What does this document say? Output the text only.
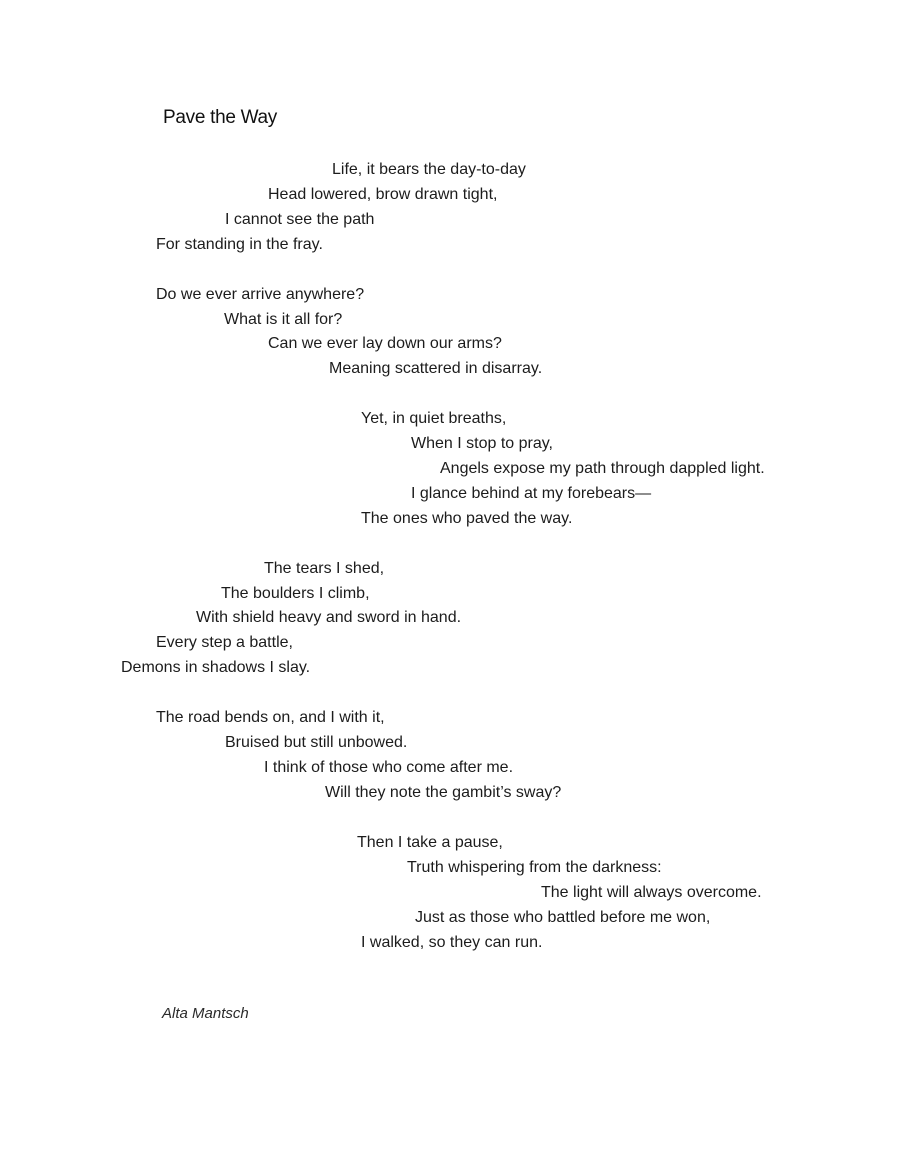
Pave the Way
Life, it bears the day-to-day
Head lowered, brow drawn tight,
I cannot see the path
For standing in the fray.
Do we ever arrive anywhere?
What is it all for?
Can we ever lay down our arms?
Meaning scattered in disarray.
Yet, in quiet breaths,
When I stop to pray,
Angels expose my path through dappled light.
I glance behind at my forebears—
The ones who paved the way.
The tears I shed,
The boulders I climb,
With shield heavy and sword in hand.
Every step a battle,
Demons in shadows I slay.
The road bends on, and I with it,
Bruised but still unbowed.
I think of those who come after me.
Will they note the gambit’s sway?
Then I take a pause,
Truth whispering from the darkness:
The light will always overcome.
Just as those who battled before me won,
I walked, so they can run.
Alta Mantsch
